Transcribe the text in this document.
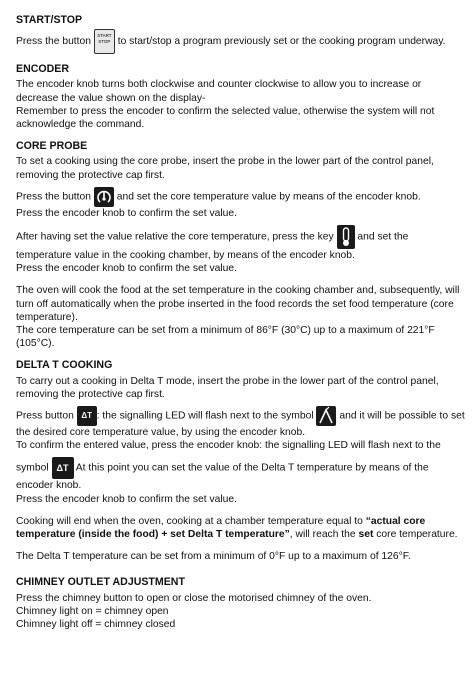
START/STOP

Press the button
START
STOP to start/stop a program previously set or the cooking program underway.

ENCODER

The encoder knob turns both clockwise and counter clockwise to allow you to increase or decrease the value shown on the display-

Remember to press the encoder to confirm the selected value, otherwise the system will not acknowledge the command.

CORE PROBE

To set a cooking using the core probe, insert the probe in the lower part of the control panel, removing the protective cap first.

Press the button	and set the core temperature value by means of the encoder knob.
Press the encoder knob to confirm the set value.

After having set the value relative the core temperature, press the key and set the temperature value in the cooking chamber, by means of the encoder knob.
Press the encoder knob to confirm the set value.

The oven will cook the food at the set temperature in the cooking chamber and, subsequently, will turn off automatically when the probe inserted in the food records the set food temperature (core temperature).

The core temperature can be set from a minimum of 86°F (30°C) up to a maximum of 221°F (105°C).

DELTA T COOKING

To carry out a cooking in Delta T mode, insert the probe in the lower part of the control panel, removing the protective cap first.

Press button ΔT : the signalling LED will flash next to the symbol	and it will be possible to set the desired core temperature value, by using the encoder knob.

To confirm the entered value, press the encoder knob: the signalling LED will flash next to the

symbol ΔT At this point you can set the value of the Delta T temperature by means of the encoder knob.
Press the encoder knob to confirm the set value.

Cooking will end when the oven, cooking at a chamber temperature equal to “actual core temperature (inside the food) + set Delta T temperature”, will reach the set core temperature.

The Delta T temperature can be set from a minimum of 0°F up to a maximum of 126°F.

CHIMNEY OUTLET ADJUSTMENT

Press the chimney button to open or close the motorised chimney of the oven.

Chimney light on = chimney open

Chimney light off = chimney closed
